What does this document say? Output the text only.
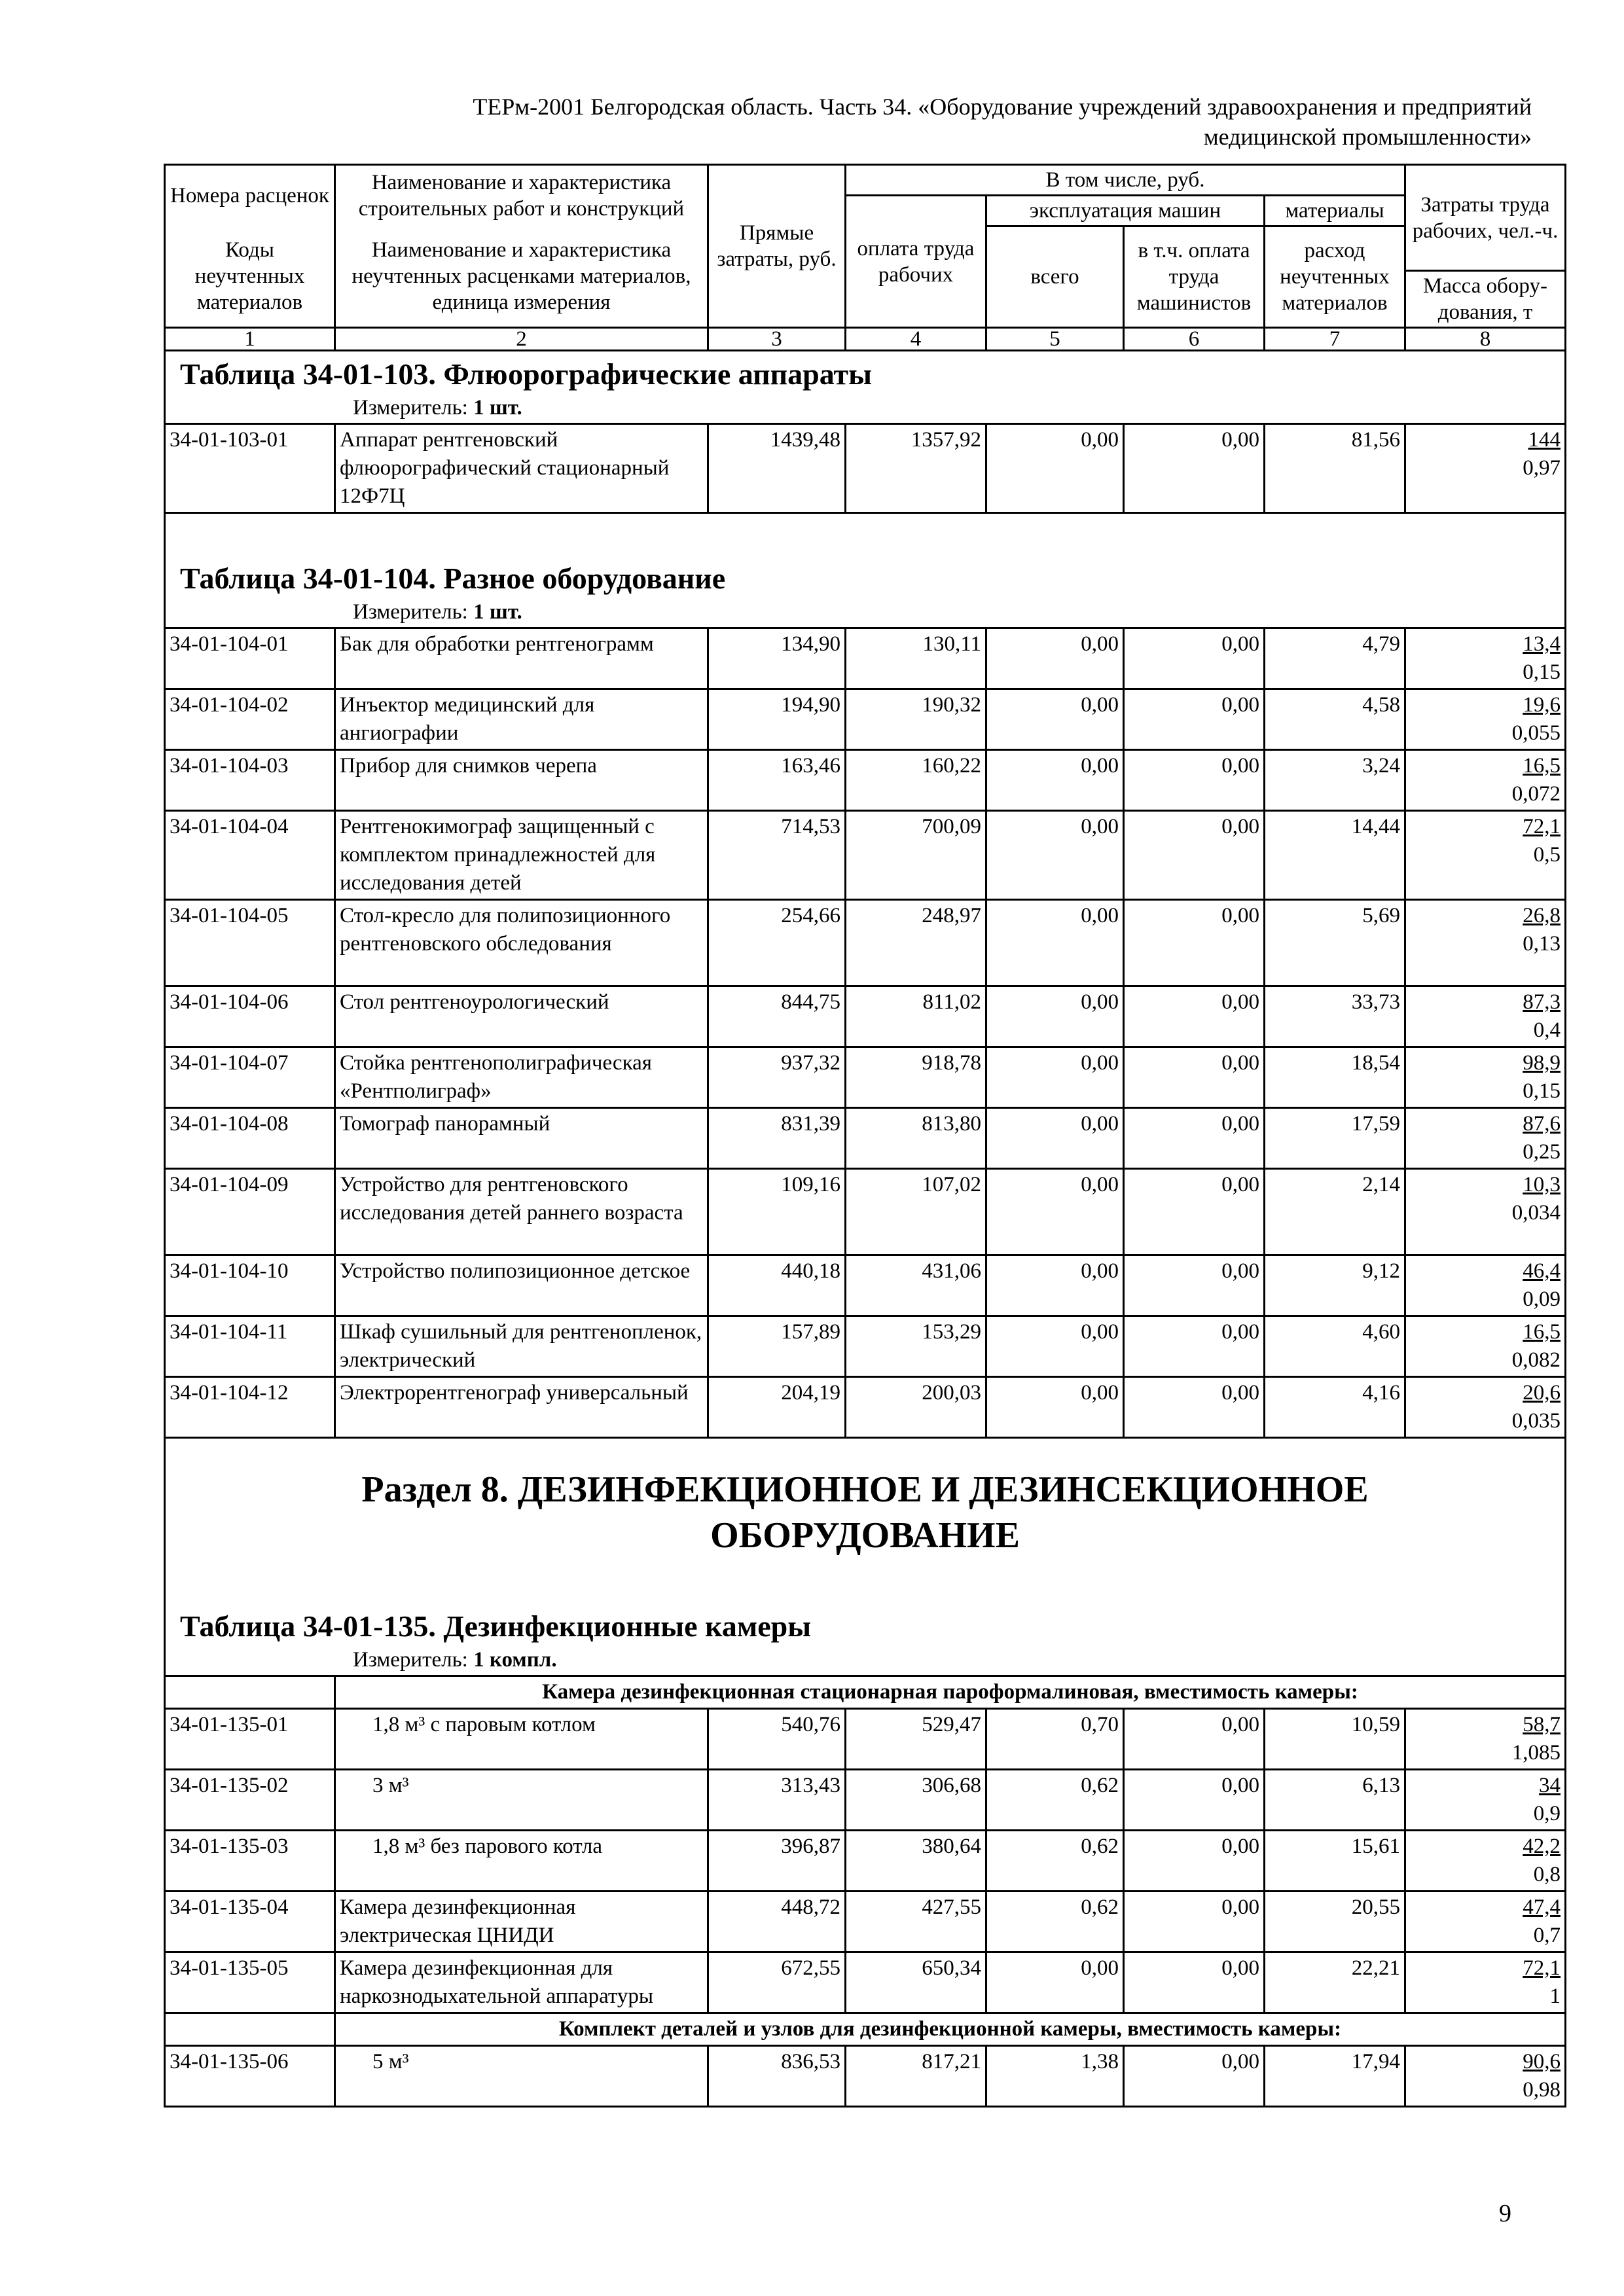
ТЕРм-2001 Белгородская область. Часть 34. «Оборудование учреждений здравоохранения и предприятий
медицинской промышленности»
Номера расценок	Наименование и характеристика строительных работ и конструкций	Прямые затраты, руб.	В том числе, руб.				Затраты труда рабочих, чел.-ч.
			оплата труда рабочих	эксплуатация машин		материалы	
Коды неучтенных материалов	Наименование и характеристика неучтенных расценками материалов, единица измерения			всего	в т.ч. оплата труда машинистов	расход неучтенных материалов	
							Масса обору-дования, т
1	2	3	4	5	6	7	8

Таблица 34-01-103. Флюорографические аппараты
Измеритель: 1 шт.							

34-01-103-01	Аппарат рентгеновский флюорографический стационарный 12Ф7Ц	1439,48	1357,92	0,00	0,00	81,56	144
0,97

Таблица 34-01-104. Разное оборудование
Измеритель: 1 шт.							

34-01-104-01	Бак для обработки рентгенограмм	134,90	130,11	0,00	0,00	4,79	13,4
0,15

34-01-104-02	Инъектор медицинский для ангиографии	194,90	190,32	0,00	0,00	4,58	19,6
0,055

34-01-104-03	Прибор для снимков черепа	163,46	160,22	0,00	0,00	3,24	16,5
0,072

34-01-104-04	Рентгенокимограф защищенный с комплектом принадлежностей для исследования детей	714,53	700,09	0,00	0,00	14,44	72,1
0,5

34-01-104-05	Стол-кресло для полипозиционного рентгеновского обследования	254,66	248,97	0,00	0,00	5,69	26,8
0,13

34-01-104-06	Стол рентгеноурологический	844,75	811,02	0,00	0,00	33,73	87,3
0,4

34-01-104-07	Стойка рентгенополиграфическая «Рентполиграф»	937,32	918,78	0,00	0,00	18,54	98,9
0,15

34-01-104-08	Томограф панорамный	831,39	813,80	0,00	0,00	17,59	87,6
0,25

34-01-104-09	Устройство для рентгеновского исследования детей раннего возраста	109,16	107,02	0,00	0,00	2,14	10,3
0,034

34-01-104-10	Устройство полипозиционное детское	440,18	431,06	0,00	0,00	9,12	46,4
0,09

34-01-104-11	Шкаф сушильный для рентгенопленок, электрический	157,89	153,29	0,00	0,00	4,60	16,5
0,082

34-01-104-12	Электрорентгенограф универсальный	204,19	200,03	0,00	0,00	4,16	20,6
0,035

Раздел 8. ДЕЗИНФЕКЦИОННОЕ И ДЕЗИНСЕКЦИОННОЕ
ОБОРУДОВАНИЕ
Таблица 34-01-135. Дезинфекционные камеры
Измеритель: 1 компл.							

	Камера дезинфекционная стационарная пароформалиновая, вместимость камеры:						
34-01-135-01	1,8 м³ с паровым котлом	540,76	529,47	0,70	0,00	10,59	58,7
1,085

34-01-135-02	3 м³	313,43	306,68	0,62	0,00	6,13	34
0,9

34-01-135-03	1,8 м³ без парового котла	396,87	380,64	0,62	0,00	15,61	42,2
0,8

34-01-135-04	Камера дезинфекционная электрическая ЦНИДИ	448,72	427,55	0,62	0,00	20,55	47,4
0,7

34-01-135-05	Камера дезинфекционная для наркознодыхательной аппаратуры	672,55	650,34	0,00	0,00	22,21	72,1
1

	Комплект деталей и узлов для дезинфекционной камеры, вместимость камеры:						
34-01-135-06	5 м³	836,53	817,21	1,38	0,00	17,94	90,6
0,98
9
